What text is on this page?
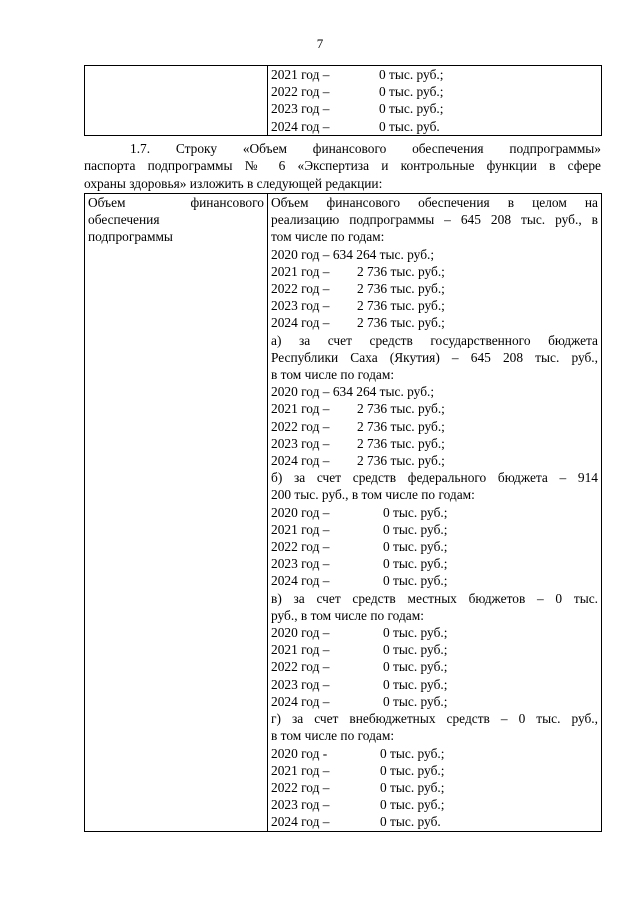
7

2021 год –	0 тыс. руб.;
2022 год –	0 тыс. руб.;
2023 год –	0 тыс. руб.;
2024 год –	0 тыс. руб.
1.7. Строку «Объем финансового обеспечения подпрограммы»
паспорта подпрограммы № 6 «Экспертиза и контрольные функции в сфере
охраны здоровья» изложить в следующей редакции:
Объем финансового
обеспечения
подпрограммы

Объем финансового обеспечения в целом на
реализацию подпрограммы – 645 208 тыс. руб., в
том числе по годам:
2020 год – 634 264 тыс. руб.;
2021 год – 2 736 тыс. руб.;
2022 год – 2 736 тыс. руб.;
2023 год – 2 736 тыс. руб.;
2024 год – 2 736 тыс. руб.;
а) за счет средств государственного бюджета
Республики Саха (Якутия) – 645 208 тыс. руб.,
в том числе по годам:
2020 год – 634 264 тыс. руб.;
2021 год – 2 736 тыс. руб.;
2022 год – 2 736 тыс. руб.;
2023 год – 2 736 тыс. руб.;
2024 год – 2 736 тыс. руб.;
б) за счет средств федерального бюджета – 914
200 тыс. руб., в том числе по годам:
2020 год –	0 тыс. руб.;
2021 год –	0 тыс. руб.;
2022 год –	0 тыс. руб.;
2023 год –	0 тыс. руб.;
2024 год –	0 тыс. руб.;
в) за счет средств местных бюджетов – 0 тыс.
руб., в том числе по годам:
2020 год –	0 тыс. руб.;
2021 год –	0 тыс. руб.;
2022 год –	0 тыс. руб.;
2023 год –	0 тыс. руб.;
2024 год –	0 тыс. руб.;
г) за счет внебюджетных средств – 0 тыс. руб.,
в том числе по годам:
2020 год -	0 тыс. руб.;
2021 год –	0 тыс. руб.;
2022 год –	0 тыс. руб.;
2023 год –	0 тыс. руб.;
2024 год –	0 тыс. руб.
